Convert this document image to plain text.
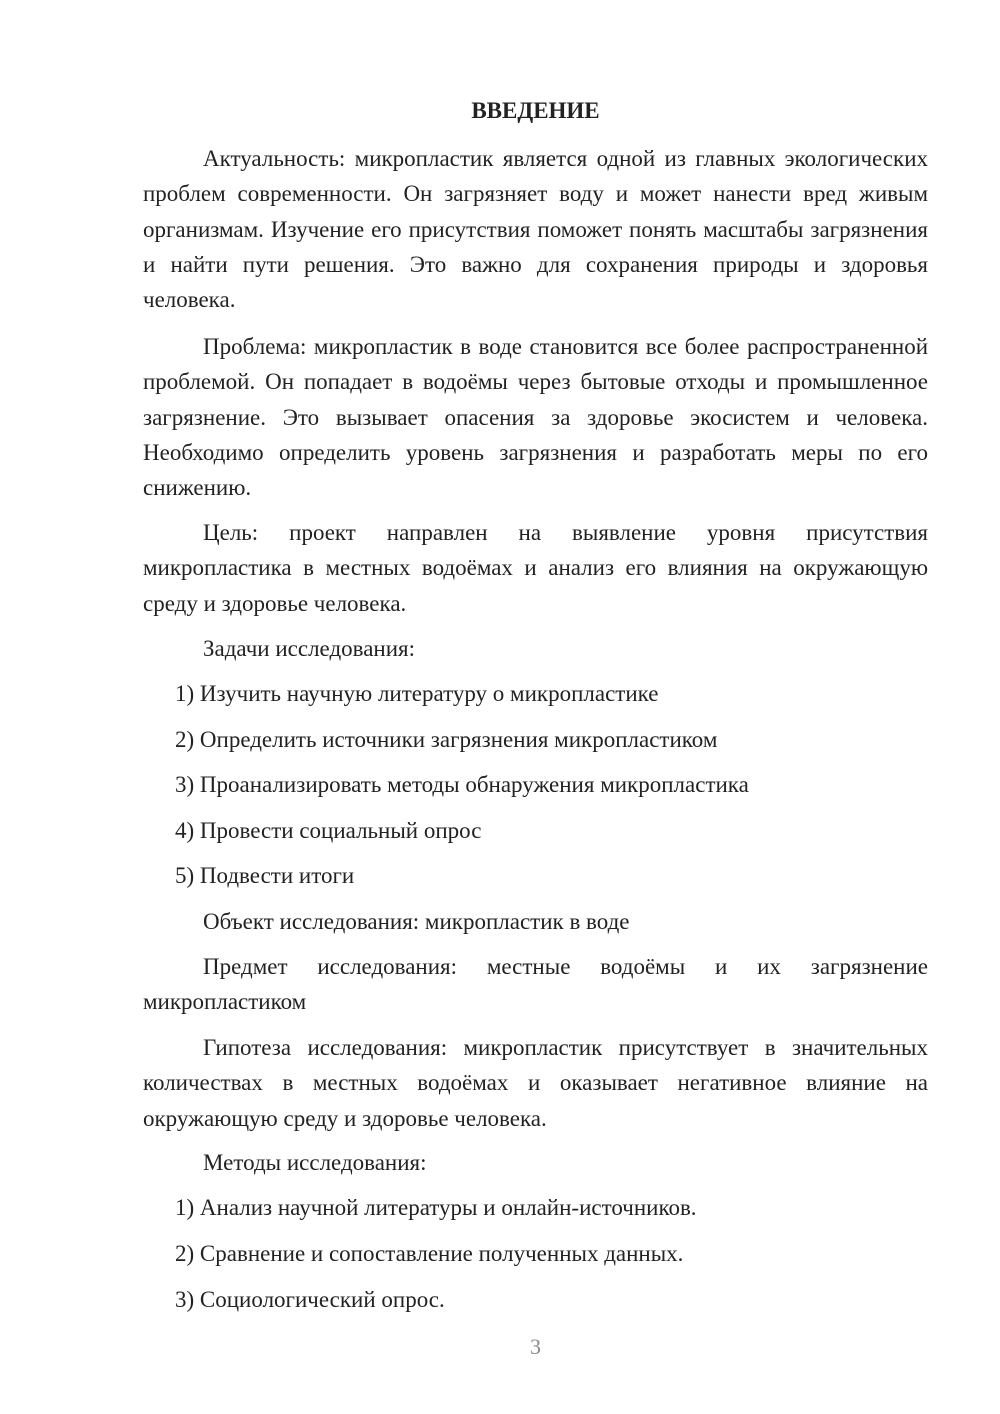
ВВЕДЕНИЕ

Актуальность: микропластик является одной из главных экологических проблем современности. Он загрязняет воду и может нанести вред живым организмам. Изучение его присутствия поможет понять масштабы загрязнения и найти пути решения. Это важно для сохранения природы и здоровья человека.

Проблема: микропластик в воде становится все более распространенной проблемой. Он попадает в водоёмы через бытовые отходы и промышленное загрязнение. Это вызывает опасения за здоровье экосистем и человека. Необходимо определить уровень загрязнения и разработать меры по его снижению.

Цель: проект направлен на выявление уровня присутствия микропластика в местных водоёмах и анализ его влияния на окружающую среду и здоровье человека.

Задачи исследования:
1) Изучить научную литературу о микропластике
2) Определить источники загрязнения микропластиком
3) Проанализировать методы обнаружения микропластика
4) Провести социальный опрос
5) Подвести итоги
Объект исследования: микропластик в воде

Предмет исследования: местные водоёмы и их загрязнение микропластиком

Гипотеза исследования: микропластик присутствует в значительных количествах в местных водоёмах и оказывает негативное влияние на окружающую среду и здоровье человека.

Методы исследования:
1) Анализ научной литературы и онлайн-источников.
2) Сравнение и сопоставление полученных данных.
3) Социологический опрос.
3
